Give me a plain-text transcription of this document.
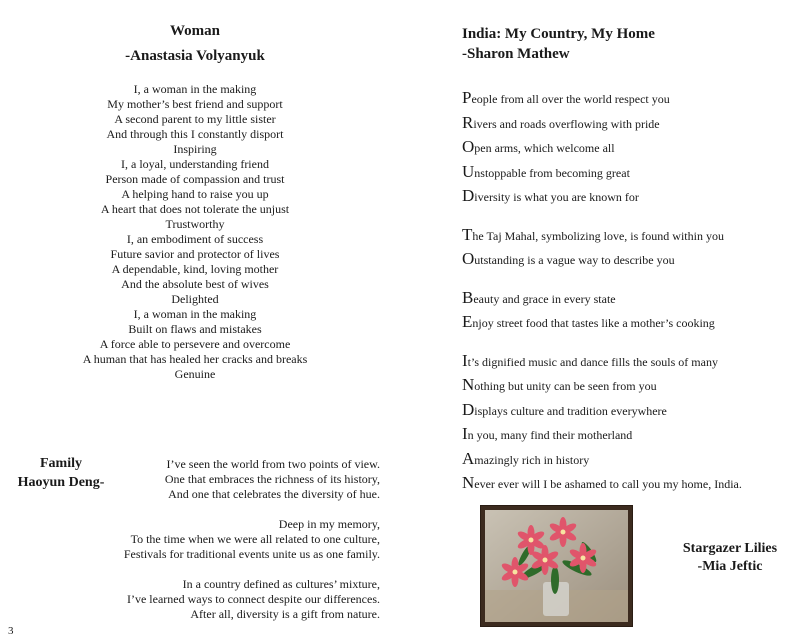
Woman
-Anastasia Volyanyuk
I, a woman in the making
My mother’s best friend and support
A second parent to my little sister
And through this I constantly disport
Inspiring
I, a loyal, understanding friend
Person made of compassion and trust
A helping hand to raise you up
A heart that does not tolerate the unjust
Trustworthy
I, an embodiment of success
Future savior and protector of lives
A dependable, kind, loving mother
And the absolute best of wives
Delighted
I, a woman in the making
Built on flaws and mistakes
A force able to persevere and overcome
A human that has healed her cracks and breaks
Genuine
Family
Haoyun Deng-
I’ve seen the world from two points of view.
One that embraces the richness of its history,
And one that celebrates the diversity of hue.
Deep in my memory,
To the time when we were all related to one culture,
Festivals for traditional events unite us as one family.
In a country defined as cultures’ mixture,
I’ve learned ways to connect despite our differences.
After all, diversity is a gift from nature.
3
India: My Country, My Home
-Sharon Mathew
People from all over the world respect you
Rivers and roads overflowing with pride
Open arms, which welcome all
Unstoppable from becoming great
Diversity is what you are known for
The Taj Mahal, symbolizing love, is found within you
Outstanding is a vague way to describe you
Beauty and grace in every state
Enjoy street food that tastes like a mother’s cooking
It’s dignified music and dance fills the souls of many
Nothing but unity can be seen from you
Displays culture and tradition everywhere
In you, many find their motherland
Amazingly rich in history
Never ever will I be ashamed to call you my home, India.
Stargazer Lilies
-Mia Jeftic
